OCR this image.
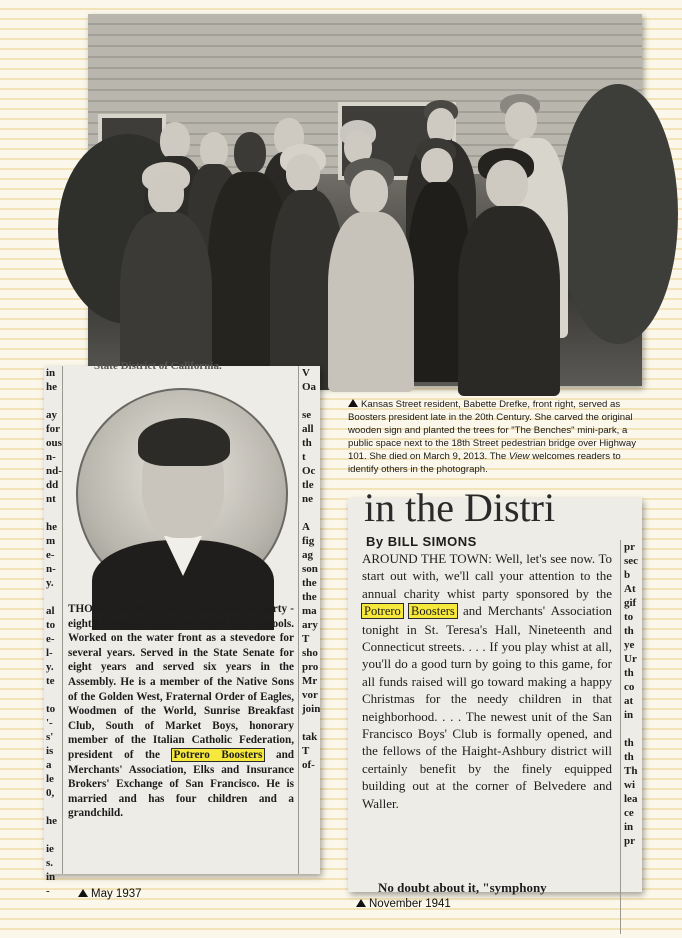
Kansas Street resident, Babette Drefke, front right, served as Boosters president late in the 20th Century. She carved the original wooden sign and planted the trees for "The Benches" mini-park, a public space next to the 18th Street pedestrian bridge over Highway 101. She died on March 9, 2013. The View welcomes readers to identify others in the photograph.
State District of California.
in
he

ay
for
ous
n-
nd-
dd
nt

he
m
e-
n-
y.

al
to
e-
l-
y.
te

to
'-
s'
is
a
le
0,

he

ie
s.
in
-
V
Oa

se
all
th
t
Oc
tle
ne

A
fig
ag
son
the
the
ma
ary
T
sho
pro
Mr
vor
join

tak
T
of-
THOMAS A. MALONEY celebrates his forty - eighth birthday today. Attended local schools. Worked on the water front as a stevedore for several years. Served in the State Senate for eight years and served six years in the Assembly. He is a member of the Native Sons of the Golden West, Fraternal Order of Eagles, Woodmen of the World, Sunrise Breakfast Club, South of Market Boys, honorary member of the Italian Catholic Federation, president of the Potrero Boosters and Merchants' Association, Elks and Insurance Brokers' Exchange of San Francisco. He is married and has four children and a grandchild.
May 1937
in the Distri
By BILL SIMONS
AROUND THE TOWN: Well, let's see now. To start out with, we'll call your attention to the annual charity whist party sponsored by the Potrero Boosters and Merchants' Association tonight in St. Teresa's Hall, Nineteenth and Connecticut streets. . . . If you play whist at all, you'll do a good turn by going to this game, for all funds raised will go toward making a happy Christmas for the needy children in that neighborhood. . . . The newest unit of the San Francisco Boys' Club is formally opened, and the fellows of the Haight-Ashbury district will certainly benefit by the finely equipped building out at the corner of Belvedere and Waller.
No doubt about it, "symphony
pr
sec
b
At
gif
to
th
ye
Ur
th
co
at
in

th
th
Th
wi
lea
ce
in
pr
November 1941
